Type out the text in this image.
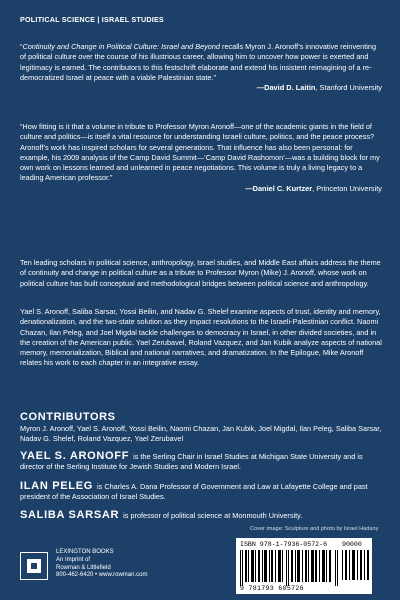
POLITICAL SCIENCE | ISRAEL STUDIES
“Continuity and Change in Political Culture: Israel and Beyond recalls Myron J. Aronoff’s innovative reinventing of political culture over the course of his illustrious career, allowing him to uncover how power is exerted and legitimacy is earned. The contributors to this festschrift elaborate and extend his insistent reimagining of a re-democratized Israel at peace with a viable Palestinian state.”
—David D. Laitin, Stanford University
“How fitting is it that a volume in tribute to Professor Myron Aronoff—one of the academic giants in the field of culture and politics—is itself a vital resource for understanding Israeli culture, politics, and the peace process? Aronoff’s work has inspired scholars for several generations. That influence has also been personal: for example, his 2009 analysis of the Camp David Summit—‘Camp David Rashomon’—was a building block for my own work on lessons learned and unlearned in peace negotiations. This volume is truly a living legacy to a leading American professor.”
—Daniel C. Kurtzer, Princeton University
Ten leading scholars in political science, anthropology, Israel studies, and Middle East affairs address the theme of continuity and change in political culture as a tribute to Professor Myron (Mike) J. Aronoff, whose work on political culture has built conceptual and methodological bridges between political science and anthropology.
Yael S. Aronoff, Saliba Sarsar, Yossi Beilin, and Nadav G. Shelef examine aspects of trust, identity and memory, denationalization, and the two-state solution as they impact resolutions to the Israeli-Palestinian conflict. Naomi Chazan, Ilan Peleg, and Joel Migdal tackle challenges to democracy in Israel, in other divided societies, and in the creation of the American public. Yael Zerubavel, Roland Vazquez, and Jan Kubik analyze aspects of national memory, memorialization, Biblical and national narratives, and dramatization. In the Epilogue, Mike Aronoff relates his work to each chapter in an integrative essay.
CONTRIBUTORS
Myron J. Aronoff, Yael S. Aronoff, Yossi Beilin, Naomi Chazan, Jan Kubik, Joel Migdal, Ilan Peleg, Saliba Sarsar, Nadav G. Shelef, Roland Vazquez, Yael Zerubavel
YAEL S. ARONOFF is the Serling Chair in Israel Studies at Michigan State University and is director of the Serling Institute for Jewish Studies and Modern Israel.
ILAN PELEG is Charles A. Dana Professor of Government and Law at Lafayette College and past president of the Association of Israel Studies.
SALIBA SARSAR is professor of political science at Monmouth University.
Cover image: Sculpture and photo by Israel Hadany
LEXINGTON BOOKS
An Imprint of
Rowman & Littlefield
800-462-6420 • www.rowman.com
ISBN 978-1-7936-0572-6 90000
9 781793 605726
